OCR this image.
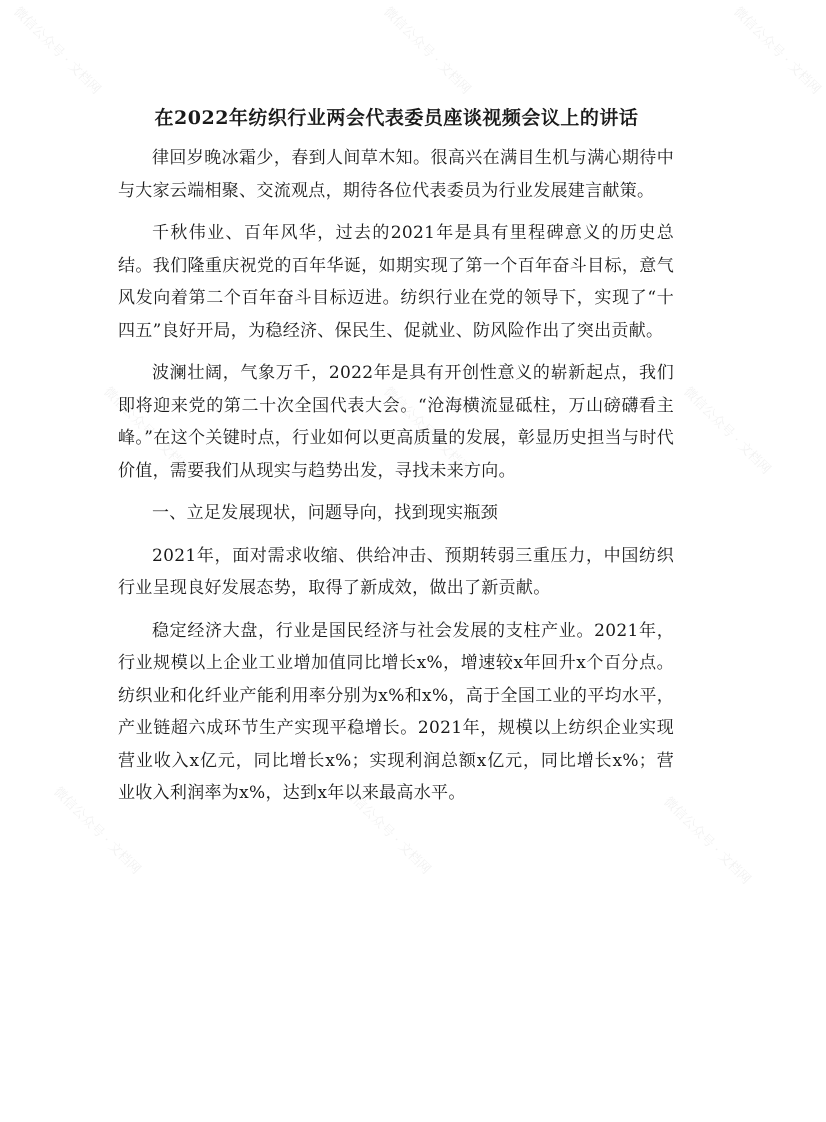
微信公众号 · 文档网	微信公众号 · 文档网	微信公众号 · 文档网
微信公众号 · 文档网	微信公众号 · 文档网	微信公众号 · 文档网
微信公众号 · 文档网	微信公众号 · 文档网	微信公众号 · 文档网
在2022年纺织行业两会代表委员座谈视频会议上的讲话

律回岁晚冰霜少，春到人间草木知。很高兴在满目生机与满心期待中与大家云端相聚、交流观点，期待各位代表委员为行业发展建言献策。

千秋伟业、百年风华，过去的2021年是具有里程碑意义的历史总结。我们隆重庆祝党的百年华诞，如期实现了第一个百年奋斗目标，意气风发向着第二个百年奋斗目标迈进。纺织行业在党的领导下，实现了“十四五”良好开局，为稳经济、保民生、促就业、防风险作出了突出贡献。

波澜壮阔，气象万千，2022年是具有开创性意义的崭新起点，我们即将迎来党的第二十次全国代表大会。“沧海横流显砥柱，万山磅礴看主峰。”在这个关键时点，行业如何以更高质量的发展，彰显历史担当与时代价值，需要我们从现实与趋势出发，寻找未来方向。

一、立足发展现状，问题导向，找到现实瓶颈

2021年，面对需求收缩、供给冲击、预期转弱三重压力，中国纺织行业呈现良好发展态势，取得了新成效，做出了新贡献。

稳定经济大盘，行业是国民经济与社会发展的支柱产业。2021年，行业规模以上企业工业增加值同比增长x%，增速较x年回升x个百分点。纺织业和化纤业产能利用率分别为x%和x%，高于全国工业的平均水平，产业链超六成环节生产实现平稳增长。2021年，规模以上纺织企业实现营业收入x亿元，同比增长x%；实现利润总额x亿元，同比增长x%；营业收入利润率为x%，达到x年以来最高水平。
